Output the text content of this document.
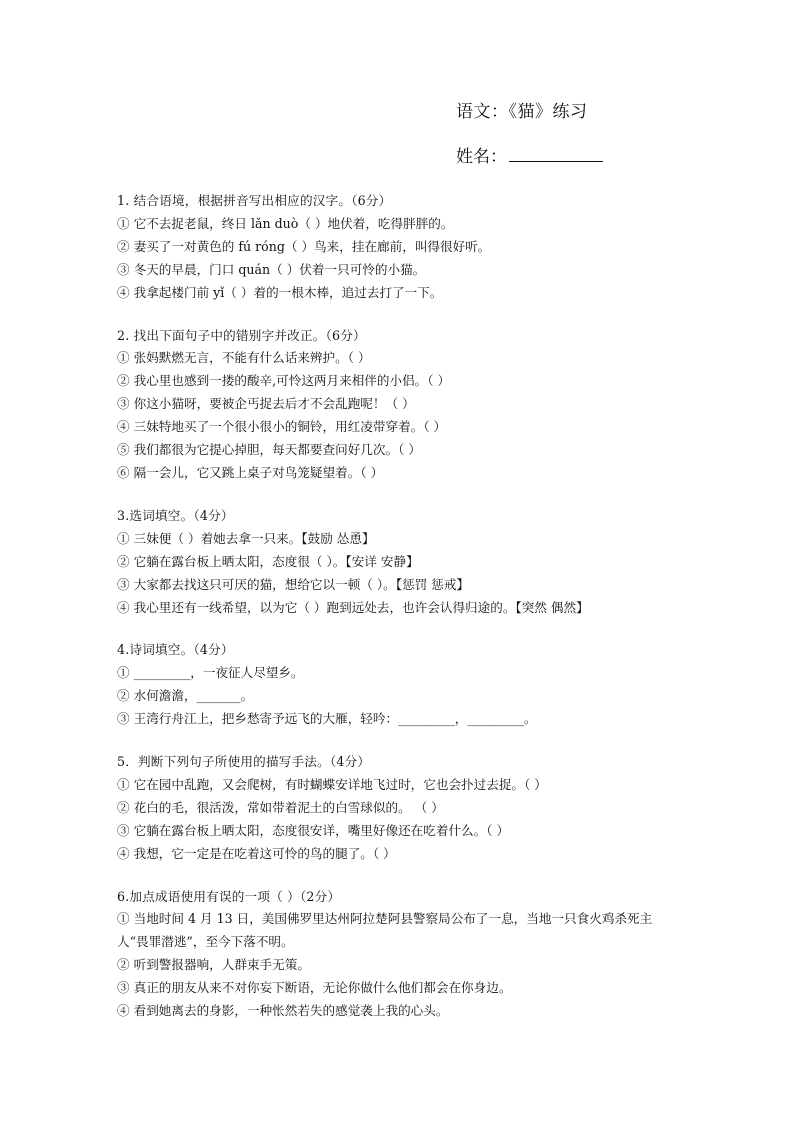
语文：《猫》练习
姓名：

1. 结合语境，根据拼音写出相应的汉字。（6分）

① 它不去捉老鼠，终日 lǎn duò（ ）地伏着，吃得胖胖的。

② 妻买了一对黄色的 fú róng（ ）鸟来，挂在廊前，叫得很好听。

③ 冬天的早晨，门口 quán（ ）伏着一只可怜的小猫。

④ 我拿起楼门前 yǐ（ ）着的一根木棒，追过去打了一下。

2. 找出下面句子中的错别字并改正。（6分）

① 张妈默燃无言，不能有什么话来辨护。（ ）

② 我心里也感到一搂的酸辛,可怜这两月来相伴的小侣。（ ）

③ 你这小猫呀，要被企丐捉去后才不会乱跑呢！（ ）

④ 三妹特地买了一个很小很小的铜铃，用红凌带穿着。（ ）

⑤ 我们都很为它提心掉胆，每天都要查问好几次。（ ）

⑥ 隔一会儿，它又跳上桌子对鸟笼疑望着。（ ）

3.选词填空。（4分）

① 三妹便（ ）着她去拿一只来。【鼓励 怂恿】

② 它躺在露台板上晒太阳，态度很（ ）。【安详 安静】

③ 大家都去找这只可厌的猫，想给它以一顿（ ）。【惩罚 惩戒】

④ 我心里还有一线希望，以为它（ ）跑到远处去，也许会认得归途的。【突然 偶然】

4.诗词填空。（4分）

① _________，一夜征人尽望乡。

② 水何澹澹，_______。

③ 王湾行舟江上，把乡愁寄予远飞的大雁，轻吟：_________，_________。

5．判断下列句子所使用的描写手法。（4分）

① 它在园中乱跑，又会爬树，有时蝴蝶安详地飞过时，它也会扑过去捉。（ ）

② 花白的毛，很活泼，常如带着泥土的白雪球似的。 （ ）

③ 它躺在露台板上晒太阳，态度很安详，嘴里好像还在吃着什么。（ ）

④ 我想，它一定是在吃着这可怜的鸟的腿了。（ ）

6.加点成语使用有误的一项（ ）（2分）

① 当地时间 4 月 13 日，美国佛罗里达州阿拉楚阿县警察局公布了一息，当地一只食火鸡杀死主人“畏罪潜逃”，至今下落不明。

② 听到警报器响，人群束手无策。

③ 真正的朋友从来不对你妄下断语，无论你做什么他们都会在你身边。

④ 看到她离去的身影，一种怅然若失的感觉袭上我的心头。
